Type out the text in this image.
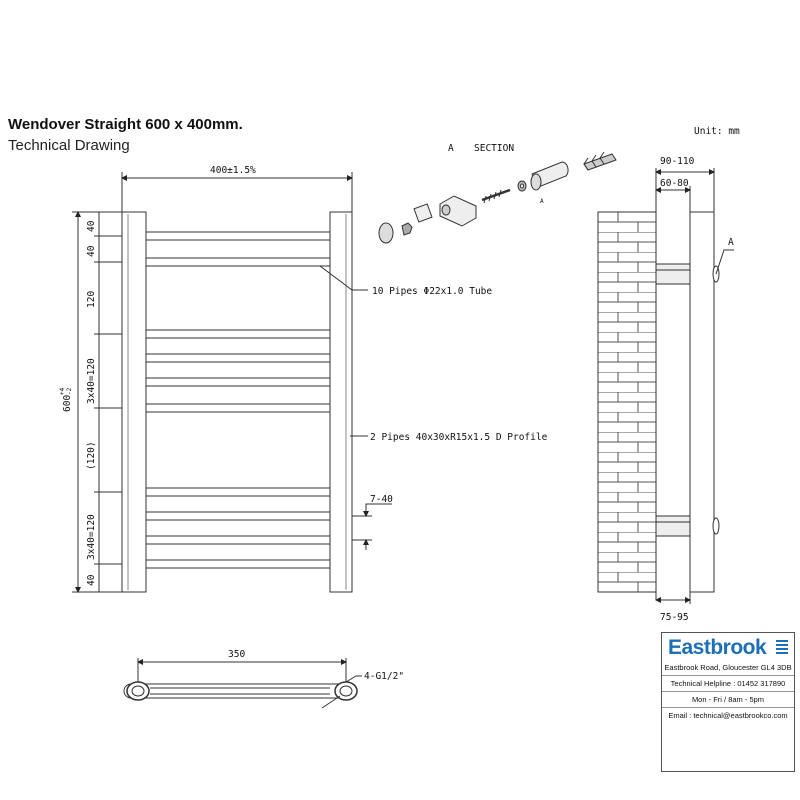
Wendover Straight 600 x 400mm.
Technical Drawing
Unit: mm
400±1.5%
600
+4 -2
40
40
120
3x40=120
(120)
3x40=120
40
10 Pipes Φ22x1.0 Tube
2 Pipes 40x30xR15x1.5 D Profile
7-40
A SECTION
A
90-110
60-80
75-95
A
350
4-G1/2"
Eastbrook
Eastbrook Road, Gloucester GL4 3DB
Technical Helpline : 01452 317890
Mon - Fri / 8am - 5pm
Email : technical@eastbrookco.com
